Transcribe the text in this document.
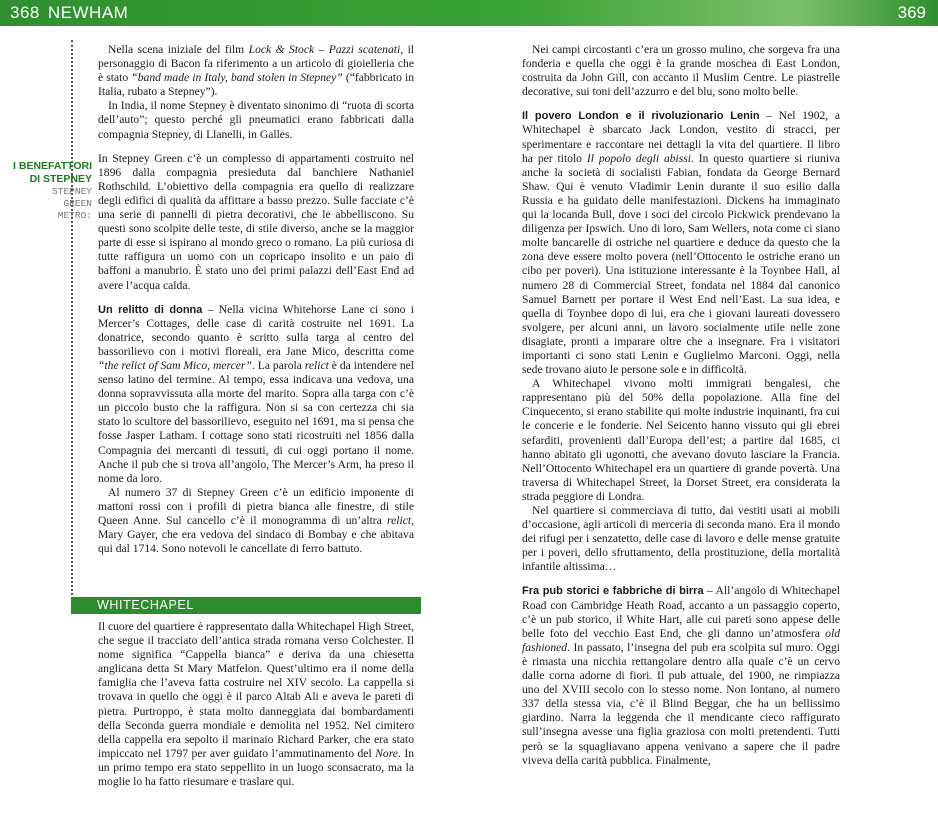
368 NEWHAM	369
I BENEFATTORI
DI STEPNEY
STEPNEY
GREEN
METRO:

Nella scena iniziale del film Lock & Stock – Pazzi scatenati, il personaggio di Bacon fa riferimento a un articolo di gioielleria che è stato “band made in Italy, band stolen in Stepney” (“fabbricato in Italia, rubato a Stepney”).

In India, il nome Stepney è diventato sinonimo di “ruota di scorta dell’auto”; questo perché gli pneumatici erano fabbricati dalla compagnia Stepney, di Llanelli, in Galles.

In Stepney Green c’è un complesso di appartamenti costruito nel 1896 dalla compagnia presieduta dal banchiere Nathaniel Rothschild. L’obiettivo della compagnia era quello di realizzare degli edifici di qualità da affittare a basso prezzo. Sulle facciate c’è una serie di pannelli di pietra decorativi, che le abbelliscono. Su questi sono scolpite delle teste, di stile diverso, anche se la maggior parte di esse si ispirano al mondo greco o romano. La più curiosa di tutte raffigura un uomo con un copricapo insolito e un paio di baffoni a manubrio. È stato uno dei primi palazzi dell’East End ad avere l’acqua calda.

Un relitto di donna – Nella vicina Whitehorse Lane ci sono i Mercer’s Cottages, delle case di carità costruite nel 1691. La donatrice, secondo quanto è scritto sulla targa al centro del bassorilievo con i motivi floreali, era Jane Mico, descritta come “the relict of Sam Mico, mercer”. La parola relict è da intendere nel senso latino del termine. Al tempo, essa indicava una vedova, una donna sopravvissuta alla morte del marito. Sopra alla targa con c’è un piccolo busto che la raffigura. Non si sa con certezza chi sia stato lo scultore del bassorilievo, eseguito nel 1691, ma si pensa che fosse Jasper Latham. I cottage sono stati ricostruiti nel 1856 dalla Compagnia dei mercanti di tessuti, di cui oggi portano il nome. Anche il pub che si trova all’angolo, The Mercer’s Arm, ha preso il nome da loro.

Al numero 37 di Stepney Green c’è un edificio imponente di mattoni rossi con i profili di pietra bianca alle finestre, di stile Queen Anne. Sul cancello c’è il monogramma di un’altra relict, Mary Gayer, che era vedova del sindaco di Bombay e che abitava qui dal 1714. Sono notevoli le cancellate di ferro battuto.

WHITECHAPEL

Il cuore del quartiere è rappresentato dalla Whitechapel High Street, che segue il tracciato dell’antica strada romana verso Colchester. Il nome significa “Cappella bianca” e deriva da una chiesetta anglicana detta St Mary Matfelon. Quest’ultimo era il nome della famiglia che l’aveva fatta costruire nel XIV secolo. La cappella si trovava in quello che oggi è il parco Altab Ali e aveva le pareti di pietra. Purtroppo, è stata molto danneggiata dai bombardamenti della Seconda guerra mondiale e demolita nel 1952. Nel cimitero della cappella era sepolto il marinaio Richard Parker, che era stato impiccato nel 1797 per aver guidato l’ammutinamento del Nore. In un primo tempo era stato seppellito in un luogo sconsacrato, ma la moglie lo ha fatto riesumare e traslare qui.

Nei campi circostanti c’era un grosso mulino, che sorgeva fra una fonderia e quella che oggi è la grande moschea di East London, costruita da John Gill, con accanto il Muslim Centre. Le piastrelle decorative, sui toni dell’azzurro e del blu, sono molto belle.

Il povero London e il rivoluzionario Lenin – Nel 1902, a Whitechapel è sbarcato Jack London, vestito di stracci, per sperimentare e raccontare nei dettagli la vita del quartiere. Il libro ha per titolo Il popolo degli abissi. In questo quartiere si riuniva anche la società di socialisti Fabian, fondata da George Bernard Shaw. Qui è venuto Vladimir Lenin durante il suo esilio dalla Russia e ha guidato delle manifestazioni. Dickens ha immaginato qui la locanda Bull, dove i soci del circolo Pickwick prendevano la diligenza per Ipswich. Uno di loro, Sam Wellers, nota come ci siano molte bancarelle di ostriche nel quartiere e deduce da questo che la zona deve essere molto povera (nell’Ottocento le ostriche erano un cibo per poveri). Una istituzione interessante è la Toynbee Hall, al numero 28 di Commercial Street, fondata nel 1884 dal canonico Samuel Barnett per portare il West End nell’East. La sua idea, e quella di Toynbee dopo di lui, era che i giovani laureati dovessero svolgere, per alcuni anni, un lavoro socialmente utile nelle zone disagiate, pronti a imparare oltre che a insegnare. Fra i visitatori importanti ci sono stati Lenin e Guglielmo Marconi. Oggi, nella sede trovano aiuto le persone sole e in difficoltà.

A Whitechapel vivono molti immigrati bengalesi, che rappresentano più del 50% della popolazione. Alla fine del Cinquecento, si erano stabilite qui molte industrie inquinanti, fra cui le concerie e le fonderie. Nel Seicento hanno vissuto qui gli ebrei sefarditi, provenienti dall’Europa dell’est; a partire dal 1685, ci hanno abitato gli ugonotti, che avevano dovuto lasciare la Francia. Nell’Ottocento Whitechapel era un quartiere di grande povertà. Una traversa di Whitechapel Street, la Dorset Street, era considerata la strada peggiore di Londra.

Nel quartiere si commerciava di tutto, dai vestiti usati ai mobili d’occasione, agli articoli di merceria di seconda mano. Era il mondo dei rifugi per i senzatetto, delle case di lavoro e delle mense gratuite per i poveri, dello sfruttamento, della prostituzione, della mortalità infantile altissima…

Fra pub storici e fabbriche di birra – All’angolo di Whitechapel Road con Cambridge Heath Road, accanto a un passaggio coperto, c’è un pub storico, il White Hart, alle cui pareti sono appese delle belle foto del vecchio East End, che gli danno un’atmosfera old fashioned. In passato, l’insegna del pub era scolpita sul muro. Oggi è rimasta una nicchia rettangolare dentro alla quale c’è un cervo dalle corna adorne di fiori. Il pub attuale, del 1900, ne rimpiazza uno del XVIII secolo con lo stesso nome. Non lontano, al numero 337 della stessa via, c’è il Blind Beggar, che ha un bellissimo giardino. Narra la leggenda che il mendicante cieco raffigurato sull’insegna avesse una figlia graziosa con molti pretendenti. Tutti però se la squagliavano appena venivano a sapere che il padre viveva della carità pubblica. Finalmente,
